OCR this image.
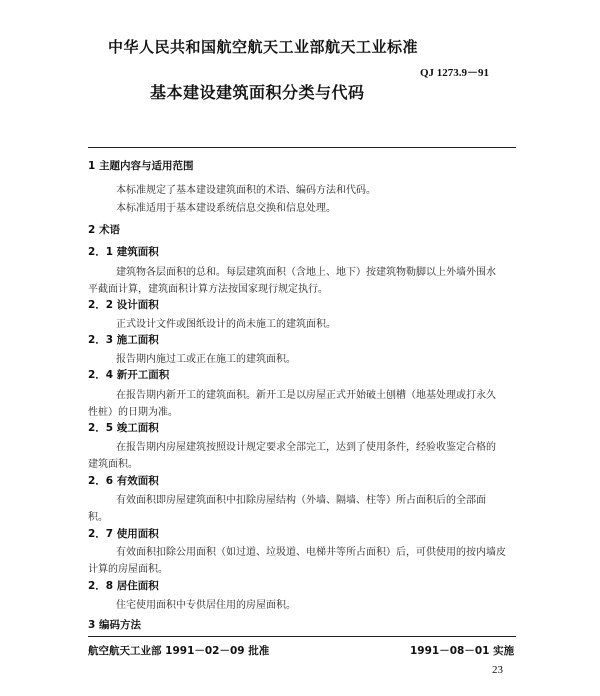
中华人民共和国航空航天工业部航天工业标准
QJ 1273.9－91
基本建设建筑面积分类与代码
1 主题内容与适用范围
本标准规定了基本建设建筑面积的术语、编码方法和代码。
本标准适用于基本建设系统信息交换和信息处理。
2 术语
2．1 建筑面积
建筑物各层面积的总和。每层建筑面积（含地上、地下）按建筑物勒脚以上外墙外围水
平截面计算，建筑面积计算方法按国家现行规定执行。
2．2 设计面积
正式设计文件或图纸设计的尚未施工的建筑面积。
2．3 施工面积
报告期内施过工或正在施工的建筑面积。
2．4 新开工面积
在报告期内新开工的建筑面积。新开工是以房屋正式开始破土刨槽（地基处理或打永久
性桩）的日期为准。
2．5 竣工面积
在报告期内房屋建筑按照设计规定要求全部完工，达到了使用条件，经验收鉴定合格的
建筑面积。
2．6 有效面积
有效面积即房屋建筑面积中扣除房屋结构（外墙、隔墙、柱等）所占面积后的全部面
积。
2．7 使用面积
有效面积扣除公用面积（如过道、垃圾道、电梯井等所占面积）后，可供使用的按内墙皮
计算的房屋面积。
2．8 居住面积
住宅使用面积中专供居住用的房屋面积。
3 编码方法
航空航天工业部 1991－02－09 批准	1991－08－01 实施
23
